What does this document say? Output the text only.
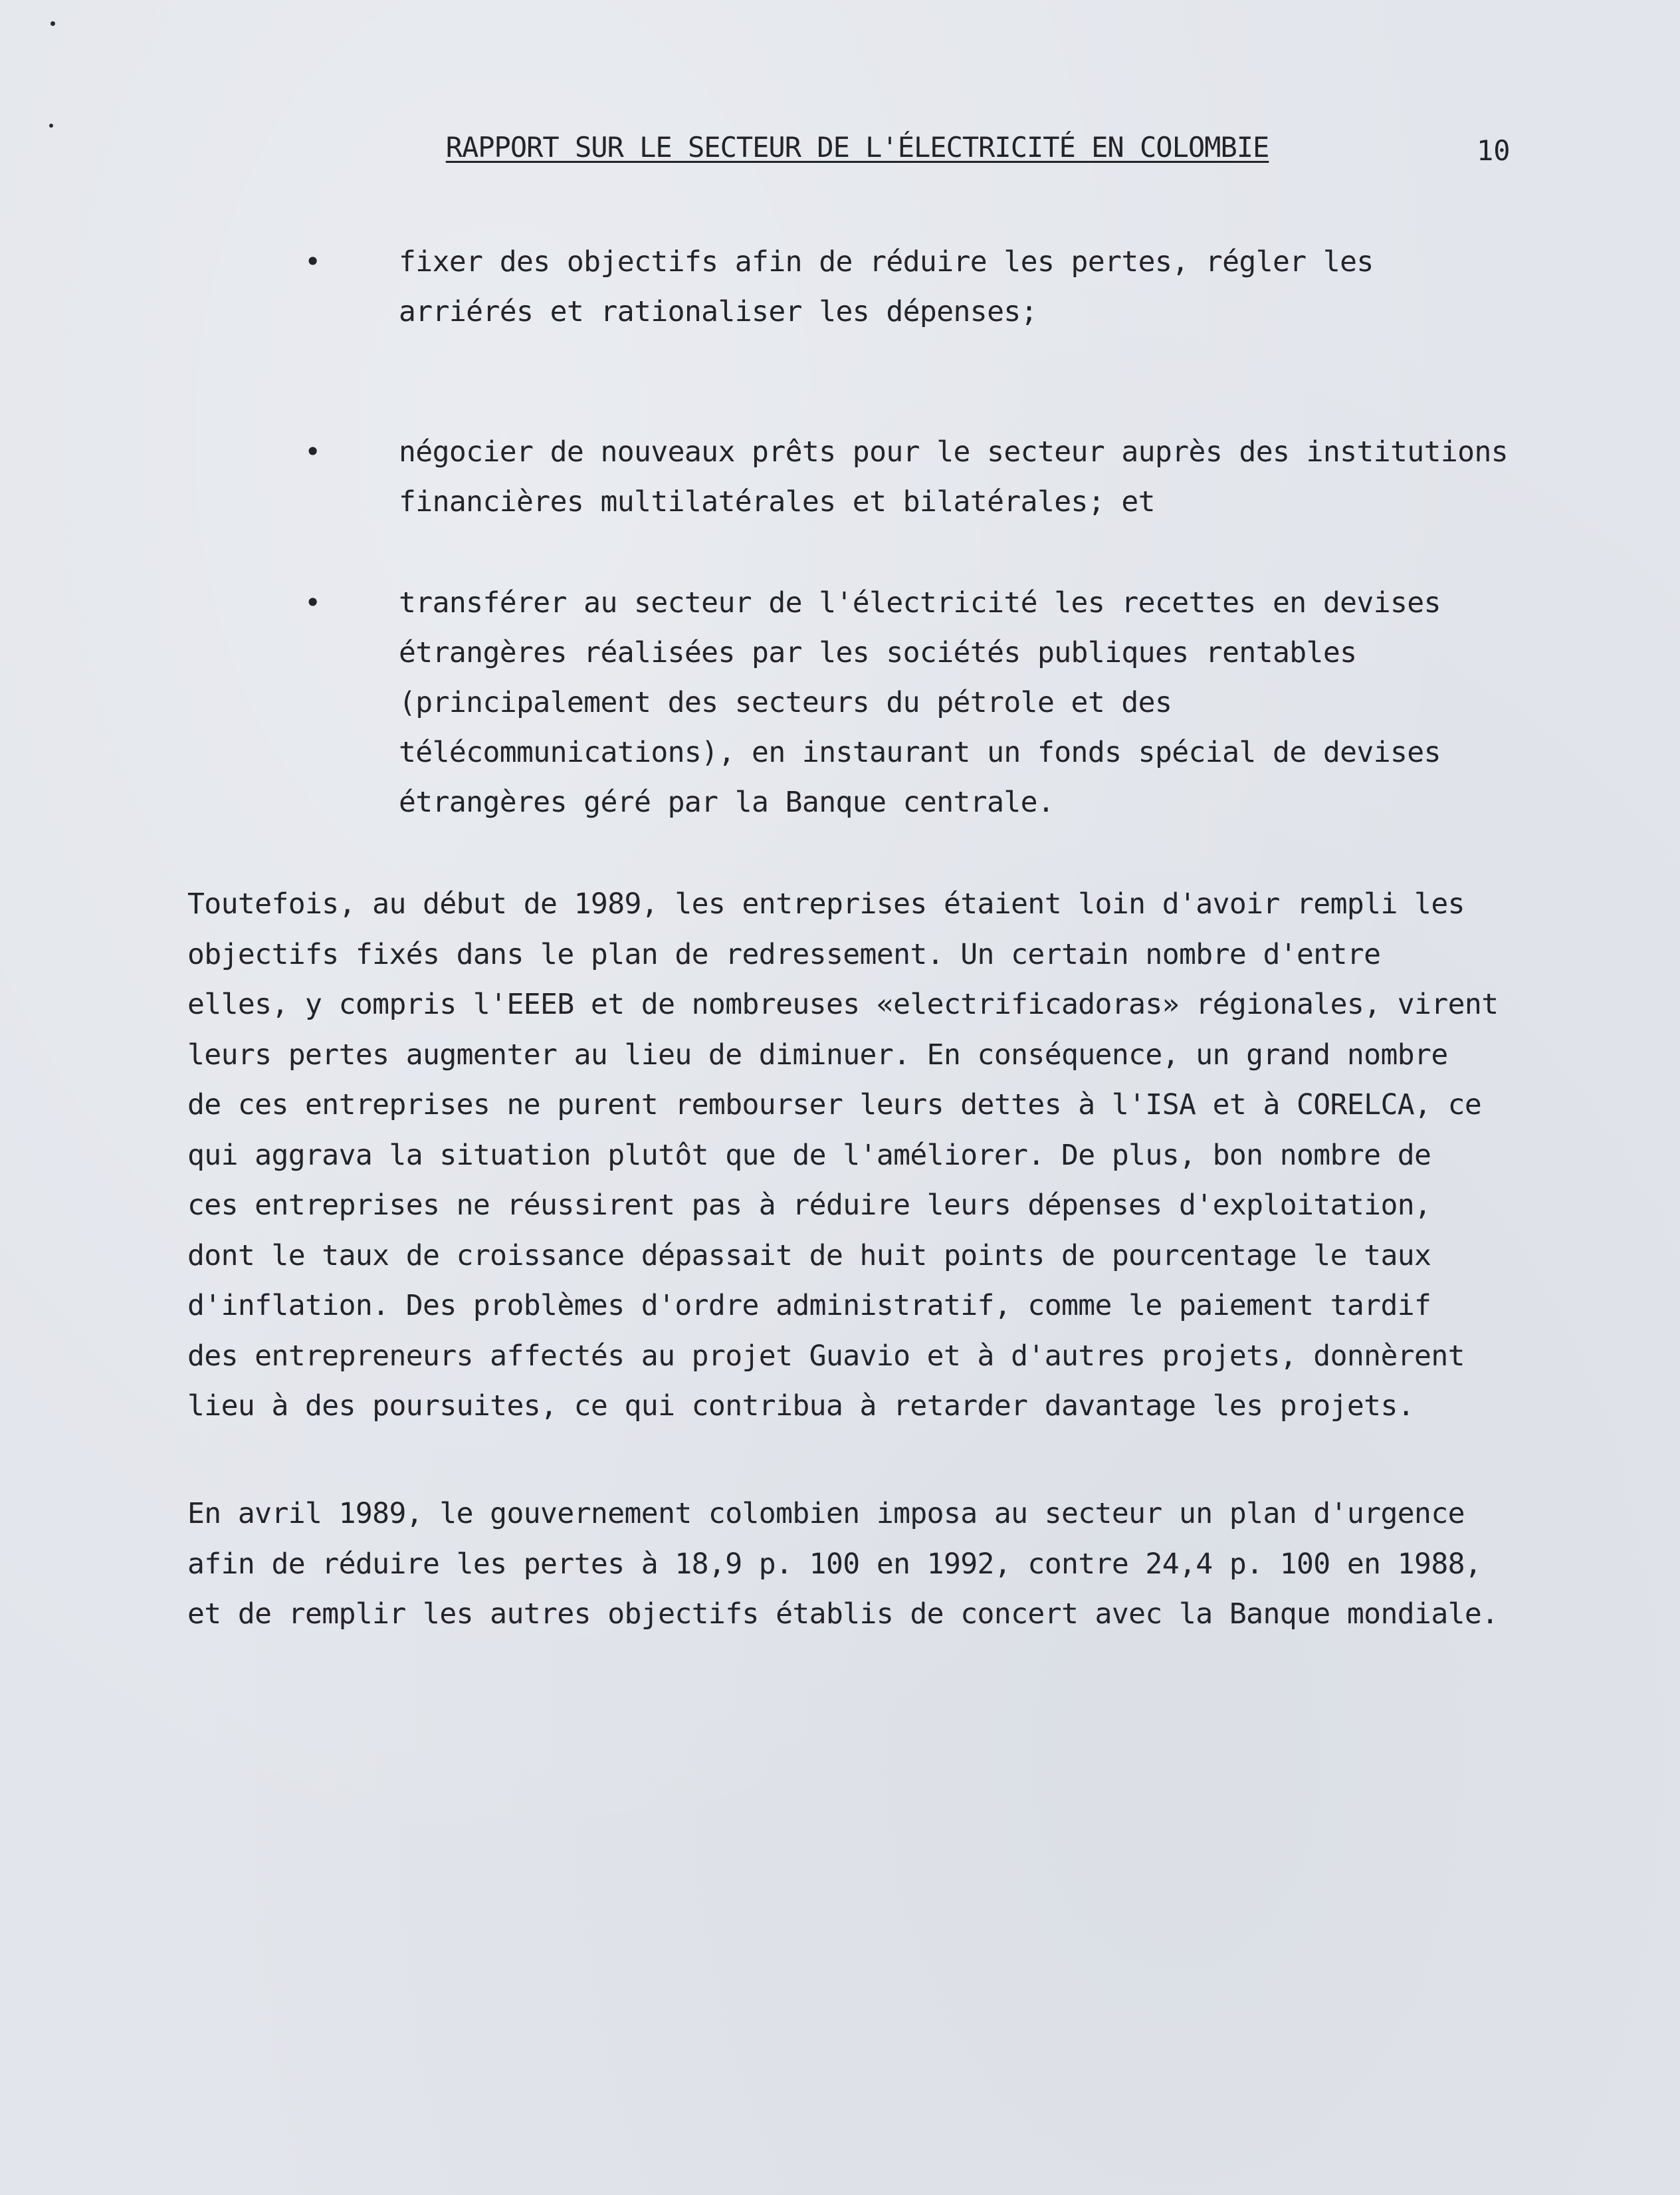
RAPPORT SUR LE SECTEUR DE L'ÉLECTRICITÉ EN COLOMBIE	10
•	fixer des objectifs afin de réduire les pertes, régler les
arriérés et rationaliser les dépenses;
•	négocier de nouveaux prêts pour le secteur auprès des institutions
financières multilatérales et bilatérales; et
•	transférer au secteur de l'électricité les recettes en devises
étrangères réalisées par les sociétés publiques rentables
(principalement des secteurs du pétrole et des
télécommunications), en instaurant un fonds spécial de devises
étrangères géré par la Banque centrale.
Toutefois, au début de 1989, les entreprises étaient loin d'avoir rempli les
objectifs fixés dans le plan de redressement. Un certain nombre d'entre
elles, y compris l'EEEB et de nombreuses «electrificadoras» régionales, virent
leurs pertes augmenter au lieu de diminuer. En conséquence, un grand nombre
de ces entreprises ne purent rembourser leurs dettes à l'ISA et à CORELCA, ce
qui aggrava la situation plutôt que de l'améliorer. De plus, bon nombre de
ces entreprises ne réussirent pas à réduire leurs dépenses d'exploitation,
dont le taux de croissance dépassait de huit points de pourcentage le taux
d'inflation. Des problèmes d'ordre administratif, comme le paiement tardif
des entrepreneurs affectés au projet Guavio et à d'autres projets, donnèrent
lieu à des poursuites, ce qui contribua à retarder davantage les projets.
En avril 1989, le gouvernement colombien imposa au secteur un plan d'urgence
afin de réduire les pertes à 18,9 p. 100 en 1992, contre 24,4 p. 100 en 1988,
et de remplir les autres objectifs établis de concert avec la Banque mondiale.
